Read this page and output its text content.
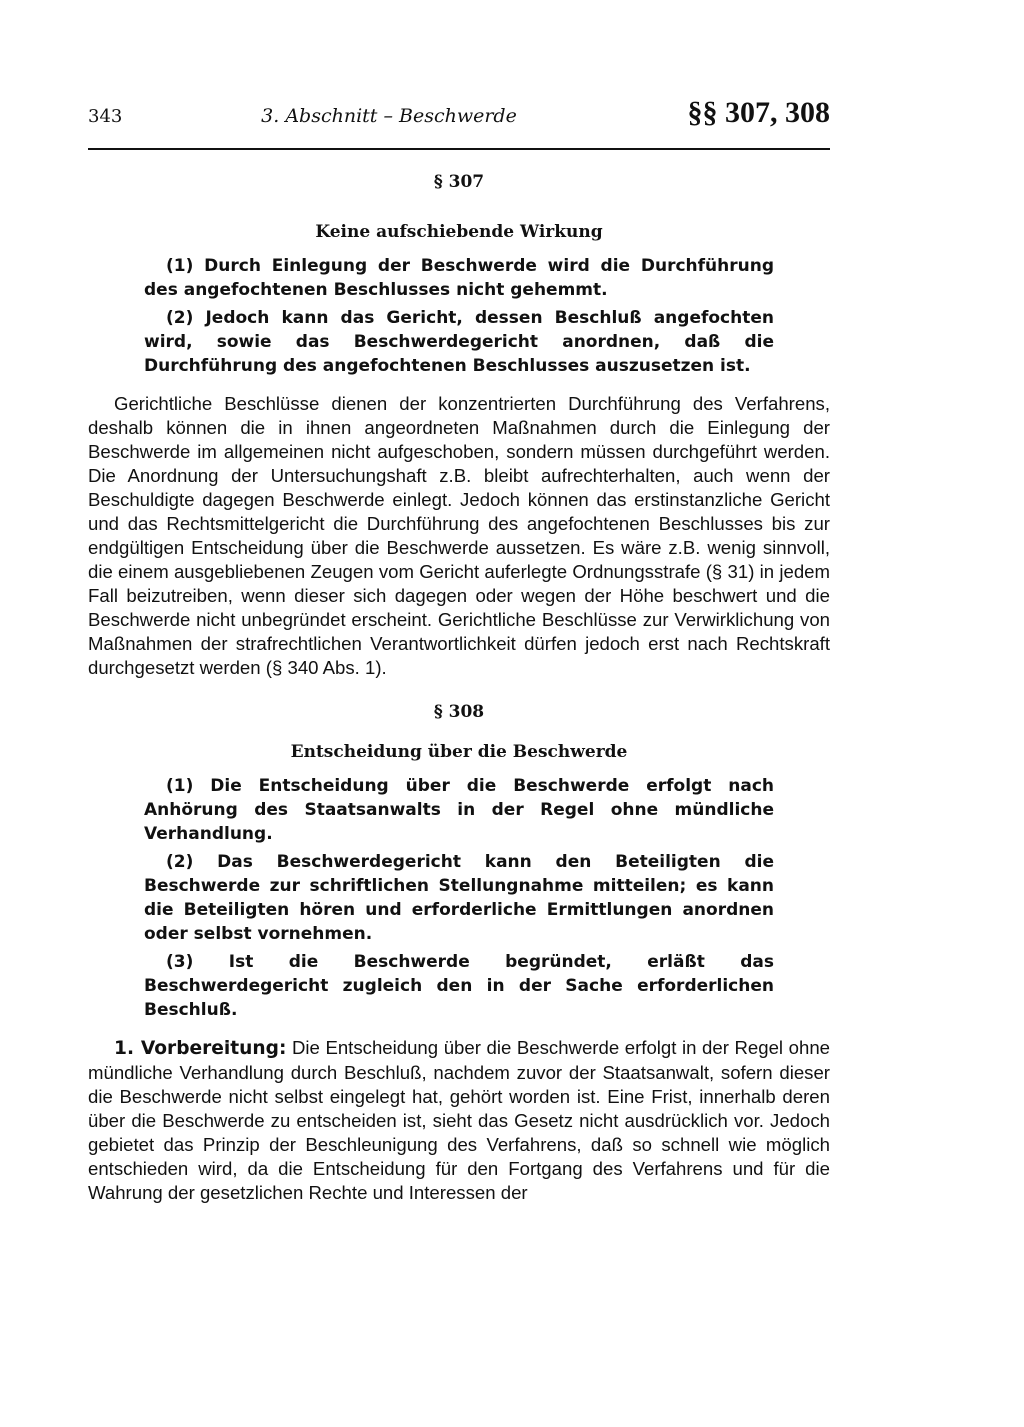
343	3. Abschnitt – Beschwerde	§§ 307, 308
§ 307
Keine aufschiebende Wirkung

(1) Durch Einlegung der Beschwerde wird die Durchführung des angefochtenen Beschlusses nicht gehemmt.

(2) Jedoch kann das Gericht, dessen Beschluß angefochten wird, sowie das Beschwerdegericht anordnen, daß die Durchführung des angefochtenen Beschlusses auszusetzen ist.

Gerichtliche Beschlüsse dienen der konzentrierten Durchführung des Verfahrens, deshalb können die in ihnen angeordneten Maßnahmen durch die Einlegung der Beschwerde im allgemeinen nicht aufgeschoben, sondern müssen durchgeführt werden. Die Anordnung der Untersuchungshaft z.B. bleibt aufrechterhalten, auch wenn der Beschuldigte dagegen Beschwerde einlegt. Jedoch können das erstinstanzliche Gericht und das Rechtsmittelgericht die Durchführung des angefochtenen Beschlusses bis zur endgültigen Entscheidung über die Beschwerde aussetzen. Es wäre z.B. wenig sinnvoll, die einem ausgebliebenen Zeugen vom Gericht auferlegte Ordnungsstrafe (§ 31) in jedem Fall beizutreiben, wenn dieser sich dagegen oder wegen der Höhe beschwert und die Beschwerde nicht unbegründet erscheint. Gerichtliche Beschlüsse zur Verwirklichung von Maßnahmen der strafrechtlichen Verantwortlichkeit dürfen jedoch erst nach Rechtskraft durchgesetzt werden (§ 340 Abs. 1).

§ 308
Entscheidung über die Beschwerde

(1) Die Entscheidung über die Beschwerde erfolgt nach Anhörung des Staatsanwalts in der Regel ohne mündliche Verhandlung.

(2) Das Beschwerdegericht kann den Beteiligten die Beschwerde zur schriftlichen Stellungnahme mitteilen; es kann die Beteiligten hören und erforderliche Ermittlungen anordnen oder selbst vornehmen.

(3) Ist die Beschwerde begründet, erläßt das Beschwerdegericht zugleich den in der Sache erforderlichen Beschluß.

1. Vorbereitung: Die Entscheidung über die Beschwerde erfolgt in der Regel ohne mündliche Verhandlung durch Beschluß, nachdem zuvor der Staatsanwalt, sofern dieser die Beschwerde nicht selbst eingelegt hat, gehört worden ist. Eine Frist, innerhalb deren über die Beschwerde zu entscheiden ist, sieht das Gesetz nicht ausdrücklich vor. Jedoch gebietet das Prinzip der Beschleunigung des Verfahrens, daß so schnell wie möglich entschieden wird, da die Entscheidung für den Fortgang des Verfahrens und für die Wahrung der gesetzlichen Rechte und Interessen der
